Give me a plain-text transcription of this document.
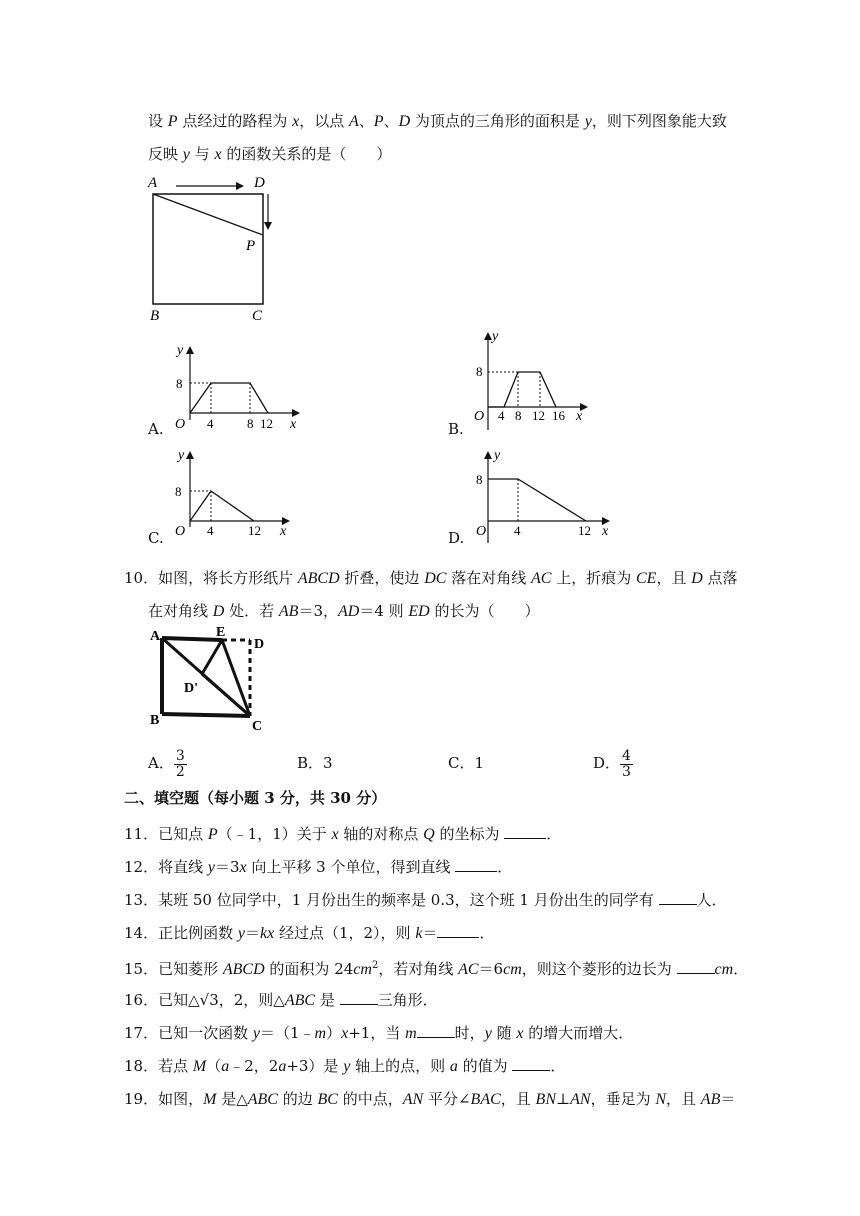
设 P 点经过的路程为 x，以点 A、P、D 为顶点的三角形的面积是 y，则下列图象能大致
反映 y 与 x 的函数关系的是（　　）
A	D
P
B	C
A.
y
8
O 4	8 12 x	B.
y
8
O 4 8 12 16 x
C.
y
8
O 4	12 x	D.
y
8
O 4	12 x
10．如图，将长方形纸片 ABCD 折叠，使边 DC 落在对角线 AC 上，折痕为 CE，且 D 点落
在对角线 D 处．若 AB＝3，AD＝4 则 ED 的长为（　　）
A	E
D
D'
B	C
A． $\frac{3}{2}$	B．3	C．1	D． $\frac{4}{3}$
二、填空题（每小题 3 分，共 30 分）
11．已知点 P（﹣1，1）关于 x 轴的对称点 Q 的坐标为	．
12．将直线 y＝3x 向上平移 3 个单位，得到直线	．
13．某班 50 位同学中，1 月份出生的频率是 0.3，这个班 1 月份出生的同学有	人．
14．正比例函数 y＝kx 经过点（1，2），则 k＝	．
15．已知菱形 ABCD 的面积为 $24cm^2$，若对角线 AC＝6cm，则这个菱形的边长为 cm．
16．已知△√3，2，则△ABC 是	三角形．
17．已知一次函数 y＝（1﹣m）x+1，当 m	时，y 随 x 的增大而增大．
18．若点 M（a﹣2，2a+3）是 y 轴上的点，则 a 的值为	．
19．如图，M 是△ABC 的边 BC 的中点，AN 平分∠BAC，且 BN⊥AN，垂足为 N，且 AB＝
